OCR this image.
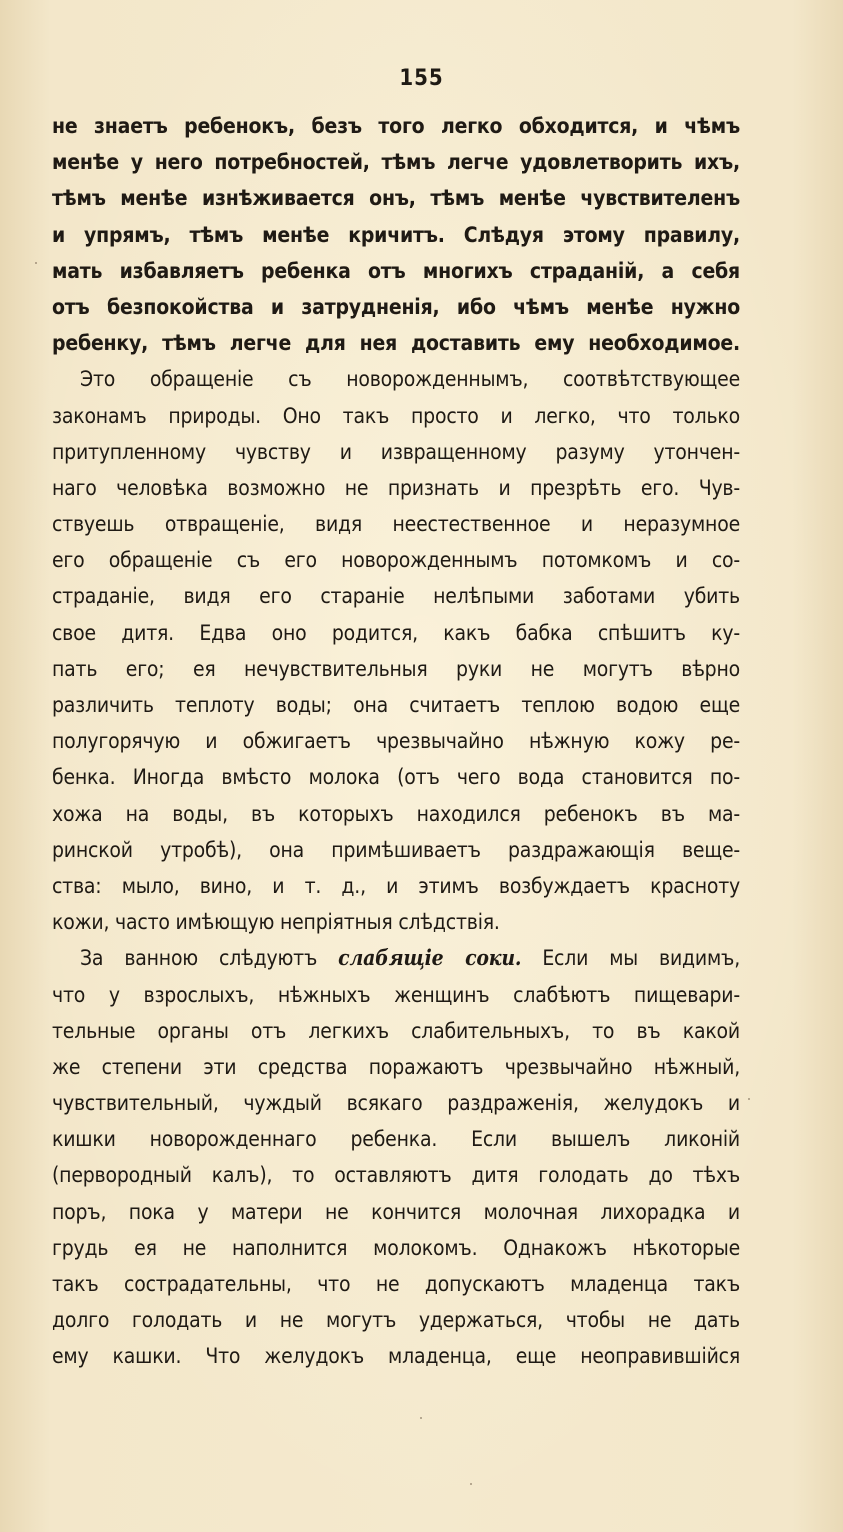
155
не знаетъ ребенокъ, безъ того легко обходится, и чѣмъ
менѣе у него потребностей, тѣмъ легче удовлетворить ихъ,
тѣмъ менѣе изнѣживается онъ, тѣмъ менѣе чувствителенъ
и упрямъ, тѣмъ менѣе кричитъ. Слѣдуя этому правилу,
мать избавляетъ ребенка отъ многихъ страданій, а себя
отъ безпокойства и затрудненія, ибо чѣмъ менѣе нужно
ребенку, тѣмъ легче для нея доставить ему необходимое.
Это обращеніе съ новорожденнымъ, соотвѣтствующее
законамъ природы. Оно такъ просто и легко, что только
притупленному чувству и извращенному разуму утончен-
наго человѣка возможно не признать и презрѣть его. Чув-
ствуешь отвращеніе, видя неестественное и неразумное
его обращеніе съ его новорожденнымъ потомкомъ и со-
страданіе, видя его стараніе нелѣпыми заботами убить
свое дитя. Едва оно родится, какъ бабка спѣшитъ ку-
пать его; ея нечувствительныя руки не могутъ вѣрно
различить теплоту воды; она считаетъ теплою водою еще
полугорячую и обжигаетъ чрезвычайно нѣжную кожу ре-
бенка. Иногда вмѣсто молока (отъ чего вода становится по-
хожа на воды, въ которыхъ находился ребенокъ въ ма-
ринской утробѣ), она примѣшиваетъ раздражающія веще-
ства: мыло, вино, и т. д., и этимъ возбуждаетъ красноту
кожи, часто имѣющую непріятныя слѣдствія.
За ванною слѣдуютъ слабящіе соки. Если мы видимъ,
что у взрослыхъ, нѣжныхъ женщинъ слабѣютъ пищевари-
тельные органы отъ легкихъ слабительныхъ, то въ какой
же степени эти средства поражаютъ чрезвычайно нѣжный,
чувствительный, чуждый всякаго раздраженія, желудокъ и
кишки новорожденнаго ребенка. Если вышелъ ликоній
(первородный калъ), то оставляютъ дитя голодать до тѣхъ
поръ, пока у матери не кончится молочная лихорадка и
грудь ея не наполнится молокомъ. Однакожъ нѣкоторые
такъ сострадательны, что не допускаютъ младенца такъ
долго голодать и не могутъ удержаться, чтобы не дать
ему кашки. Что желудокъ младенца, еще неоправившійся
